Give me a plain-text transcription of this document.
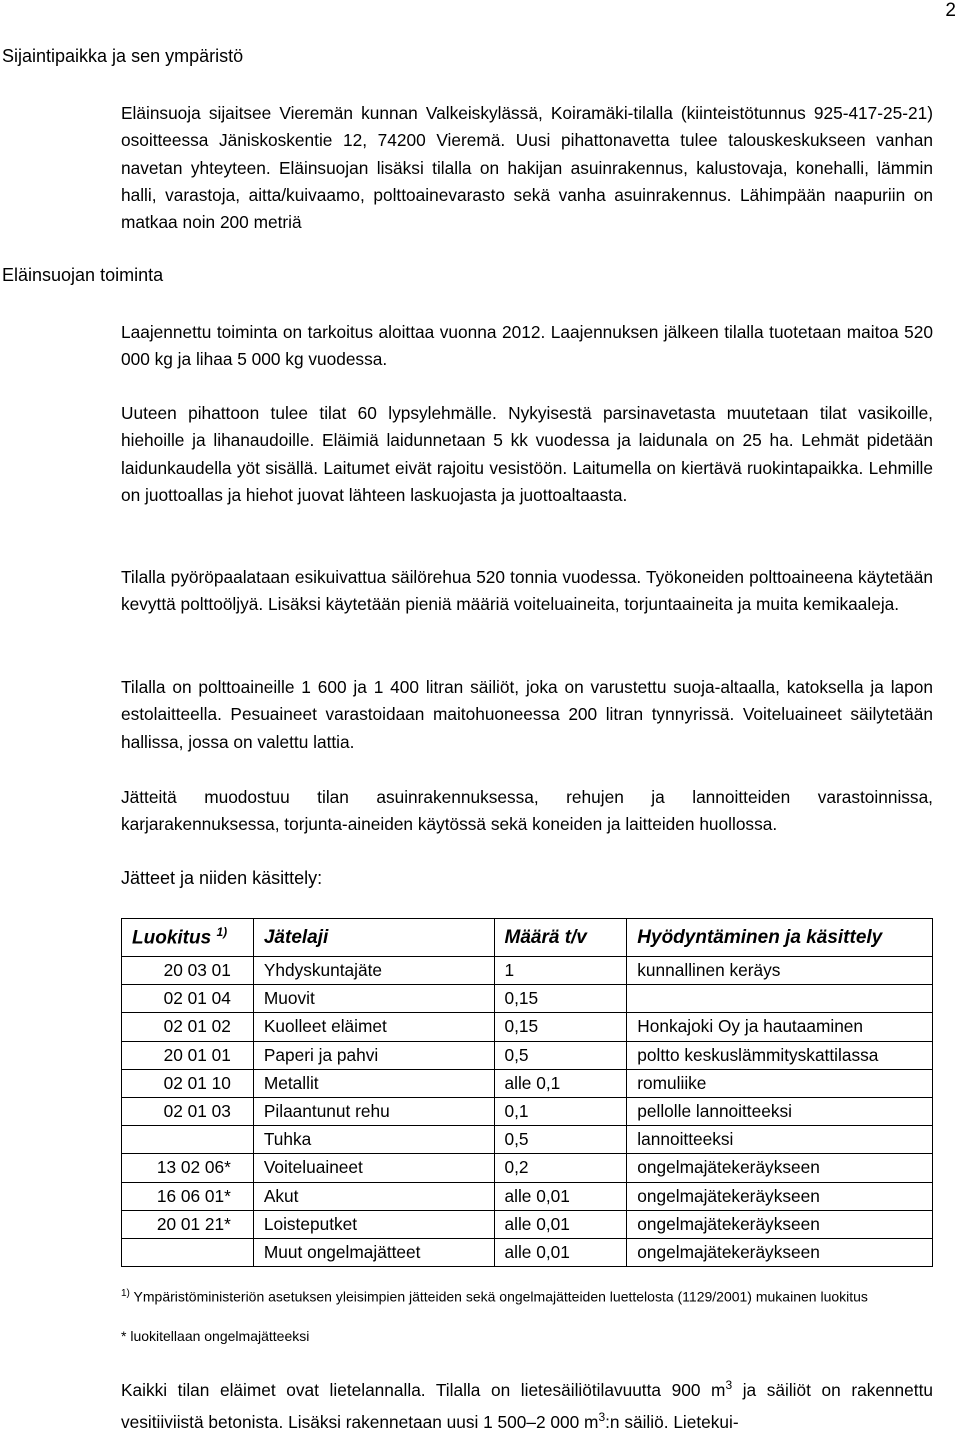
2
Sijaintipaikka ja sen ympäristö

Eläinsuoja sijaitsee Vieremän kunnan Valkeiskylässä, Koiramäki-tilalla (kiinteistötunnus 925-417-25-21) osoitteessa Jäniskoskentie 12, 74200 Vieremä. Uusi pihattonavetta tulee talouskeskukseen vanhan navetan yhteyteen. Eläinsuojan lisäksi tilalla on hakijan asuinrakennus, kalustovaja, konehalli, lämmin halli, varastoja, aitta/kuivaamo, polttoainevarasto sekä vanha asuinrakennus. Lähimpään naapuriin on matkaa noin 200 metriä

Eläinsuojan toiminta

Laajennettu toiminta on tarkoitus aloittaa vuonna 2012. Laajennuksen jälkeen tilalla tuotetaan maitoa 520 000 kg ja lihaa 5 000 kg vuodessa.

Uuteen pihattoon tulee tilat 60 lypsylehmälle. Nykyisestä parsinavetasta muutetaan tilat vasikoille, hiehoille ja lihanaudoille. Eläimiä laidunnetaan 5 kk vuodessa ja laidunala on 25 ha. Lehmät pidetään laidunkaudella yöt sisällä. Laitumet eivät rajoitu vesistöön. Laitumella on kiertävä ruokintapaikka. Lehmille on juottoallas ja hiehot juovat lähteen laskuojasta ja juottoaltaasta.

Tilalla pyöröpaalataan esikuivattua säilörehua 520 tonnia vuodessa. Työkoneiden polttoaineena käytetään kevyttä polttoöljyä. Lisäksi käytetään pieniä määriä voiteluaineita, torjuntaaineita ja muita kemikaaleja.

Tilalla on polttoaineille 1 600 ja 1 400 litran säiliöt, joka on varustettu suoja-altaalla, katoksella ja lapon estolaitteella. Pesuaineet varastoidaan maitohuoneessa 200 litran tynnyrissä. Voiteluaineet säilytetään hallissa, jossa on valettu lattia.

Jätteitä muodostuu tilan asuinrakennuksessa, rehujen ja lannoitteiden varastoinnissa, karjarakennuksessa, torjunta-aineiden käytössä sekä koneiden ja laitteiden huollossa.

Jätteet ja niiden käsittely:
Luokitus $^{1)}$	Jätelaji	Määrä t/v	Hyödyntäminen ja käsittely
20 03 01	Yhdyskuntajäte	1	kunnallinen keräys
02 01 04	Muovit	0,15	
02 01 02	Kuolleet eläimet	0,15	Honkajoki Oy ja hautaaminen
20 01 01	Paperi ja pahvi	0,5	poltto keskuslämmityskattilassa
02 01 10	Metallit	alle 0,1	romuliike
02 01 03	Pilaantunut rehu	0,1	pellolle lannoitteeksi
	Tuhka	0,5	lannoitteeksi
13 02 06*	Voiteluaineet	0,2	ongelmajätekeräykseen
16 06 01*	Akut	alle 0,01	ongelmajätekeräykseen
20 01 21*	Loisteputket	alle 0,01	ongelmajätekeräykseen
	Muut ongelmajätteet	alle 0,01	ongelmajätekeräykseen
$^{1)}$ Ympäristöministeriön asetuksen yleisimpien jätteiden sekä ongelmajätteiden luettelosta (1129/2001) mukainen luokitus
* luokitellaan ongelmajätteeksi

Kaikki tilan eläimet ovat lietelannalla. Tilalla on lietesäiliötilavuutta 900 $m^3$ ja säiliöt on rakennettu vesitiiviistä betonista. Lisäksi rakennetaan uusi 1 500–2 000 $m^3:n$ säiliö. Lietekui-
